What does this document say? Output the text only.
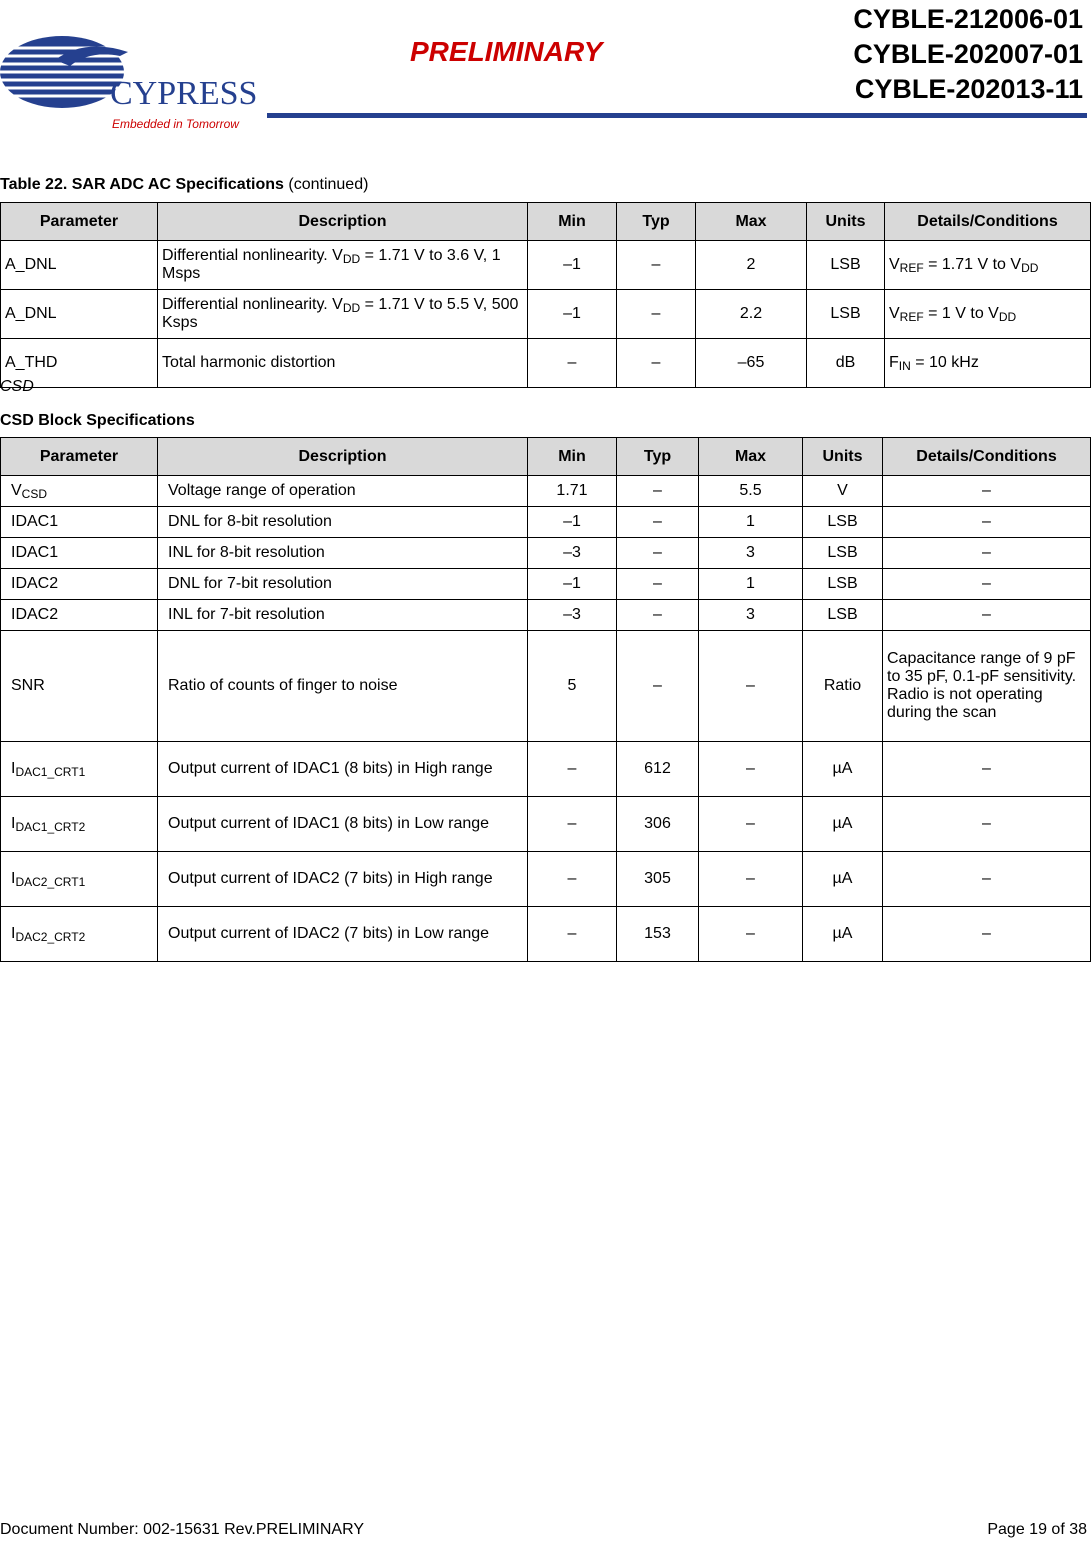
CYPRESS
Embedded in Tomorrow
PRELIMINARY
CYBLE-212006-01
CYBLE-202007-01
CYBLE-202013-11
Table 22. SAR ADC AC Specifications (continued)
Parameter	Description	Min	Typ	Max	Units	Details/Conditions
A_DNL	Differential nonlinearity. $V_{DD} = 1.71$ V to 3.6 V, 1 Msps	–1	–	2	LSB	$V_{REF} = 1.71$ V to $V_{DD}$
A_DNL	Differential nonlinearity. $V_{DD} = 1.71$ V to 5.5 V, 500 Ksps	–1	–	2.2	LSB	$V_{REF} = 1$ V to $V_{DD}$
A_THD	Total harmonic distortion	–	–	–65	dB	$F_{IN} = 10$ kHz
CSD
CSD Block Specifications
Parameter	Description	Min	Typ	Max	Units	Details/Conditions
$V_{CSD}$	Voltage range of operation	1.71	–	5.5	V	–
IDAC1	DNL for 8-bit resolution	–1	–	1	LSB	–
IDAC1	INL for 8-bit resolution	–3	–	3	LSB	–
IDAC2	DNL for 7-bit resolution	–1	–	1	LSB	–
IDAC2	INL for 7-bit resolution	–3	–	3	LSB	–
SNR	Ratio of counts of finger to noise	5	–	–	Ratio	Capacitance range of 9 pF to 35 pF, 0.1-pF sensitivity. Radio is not operating during the scan
$I_{DAC1\_CRT1}$	Output current of IDAC1 (8 bits) in High range	–	612	–	µA	–
$I_{DAC1\_CRT2}$	Output current of IDAC1 (8 bits) in Low range	–	306	–	µA	–
$I_{DAC2\_CRT1}$	Output current of IDAC2 (7 bits) in High range	–	305	–	µA	–
$I_{DAC2\_CRT2}$	Output current of IDAC2 (7 bits) in Low range	–	153	–	µA	–
Document Number: 002-15631 Rev.PRELIMINARY	Page 19 of 38
